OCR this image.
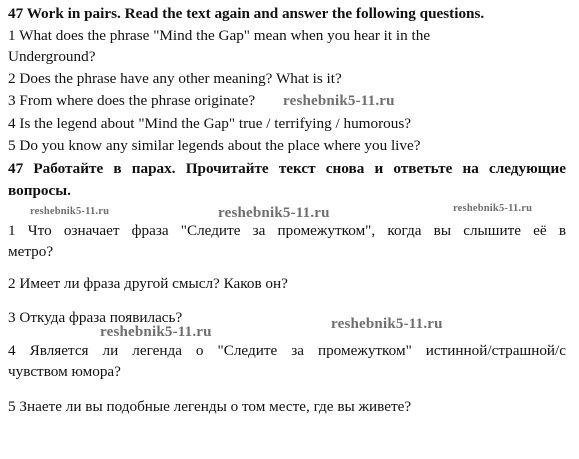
47 Work in pairs. Read the text again and answer the following questions.
1 What does the phrase "Mind the Gap" mean when you hear it in the
Underground?
2 Does the phrase have any other meaning? What is it?
3 From where does the phrase originate?
4 Is the legend about "Mind the Gap" true / terrifying / humorous?
5 Do you know any similar legends about the place where you live?
47 Работайте в парах. Прочитайте текст снова и ответьте на следующие
вопросы.
1 Что означает фраза "Следите за промежутком", когда вы слышите её в
метро?
2 Имеет ли фраза другой смысл? Каков он?
3 Откуда фраза появилась?
4 Является ли легенда о "Следите за промежутком" истинной/страшной/с
чувством юмора?
5 Знаете ли вы подобные легенды о том месте, где вы живете?
reshebnik5-11.ru
reshebnik5-11.ru	reshebnik5-11.ru	reshebnik5-11.ru
reshebnik5-11.ru	reshebnik5-11.ru
